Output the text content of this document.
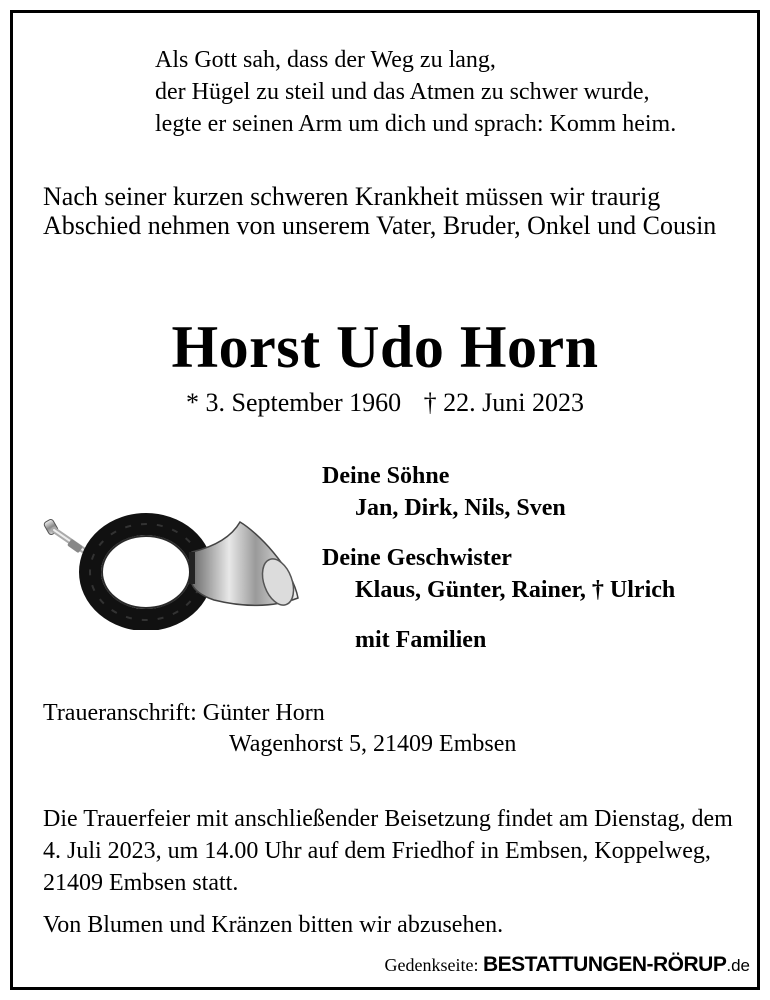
Als Gott sah, dass der Weg zu lang,
der Hügel zu steil und das Atmen zu schwer wurde,
legte er seinen Arm um dich und sprach: Komm heim.
Nach seiner kurzen schweren Krankheit müssen wir traurig Abschied nehmen von unserem Vater, Bruder, Onkel und Cousin
Horst Udo Horn
* 3. September 1960 † 22. Juni 2023
Deine Söhne
Jan, Dirk, Nils, Sven
Deine Geschwister
Klaus, Günter, Rainer, † Ulrich
mit Familien
Traueranschrift: Günter Horn
Wagenhorst 5, 21409 Embsen
Die Trauerfeier mit anschließender Beisetzung findet am Dienstag, dem 4. Juli 2023, um 14.00 Uhr auf dem Friedhof in Embsen, Koppelweg, 21409 Embsen statt.
Von Blumen und Kränzen bitten wir abzusehen.
Gedenkseite: BESTATTUNGEN-RÖRUP.de
